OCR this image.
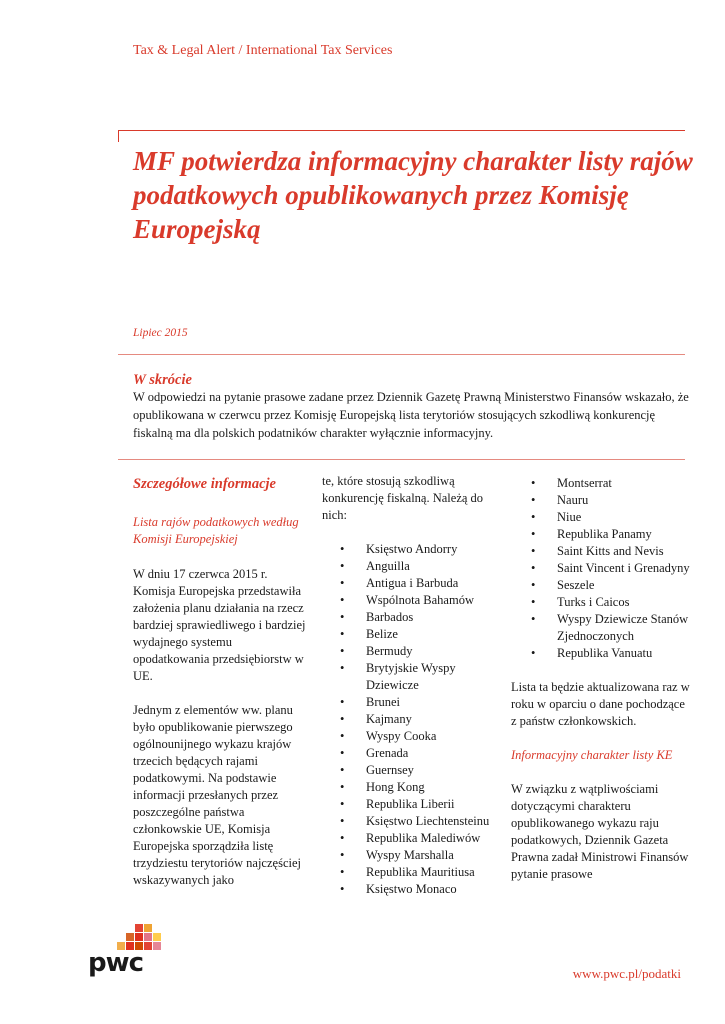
Tax & Legal Alert / International Tax Services
MF potwierdza informacyjny charakter listy rajów podatkowych opublikowanych przez Komisję Europejską
Lipiec 2015
W skrócie
W odpowiedzi na pytanie prasowe zadane przez Dziennik Gazetę Prawną Ministerstwo Finansów wskazało, że opublikowana w czerwcu przez Komisję Europejską lista terytoriów stosujących szkodliwą konkurencję fiskalną ma dla polskich podatników charakter wyłącznie informacyjny.
Szczegółowe informacje
Lista rajów podatkowych według Komisji Europejskiej

W dniu 17 czerwca 2015 r. Komisja Europejska przedstawiła założenia planu działania na rzecz bardziej sprawiedliwego i bardziej wydajnego systemu opodatkowania przedsiębiorstw w UE.

Jednym z elementów ww. planu było opublikowanie pierwszego ogólnounijnego wykazu krajów trzecich będących rajami podatkowymi. Na podstawie informacji przesłanych przez poszczególne państwa członkowskie UE, Komisja Europejska sporządziła listę trzydziestu terytoriów najczęściej wskazywanych jako

te, które stosują szkodliwą konkurencję fiskalną. Należą do nich:

• Księstwo Andorry
• Anguilla
• Antigua i Barbuda
• Wspólnota Bahamów
• Barbados
• Belize
• Bermudy
• Brytyjskie Wyspy Dziewicze
• Brunei
• Kajmany
• Wyspy Cooka
• Grenada
• Guernsey
• Hong Kong
• Republika Liberii
• Księstwo Liechtensteinu
• Republika Malediwów
• Wyspy Marshalla
• Republika Mauritiusa
• Księstwo Monaco
• Montserrat
• Nauru
• Niue
• Republika Panamy
• Saint Kitts and Nevis
• Saint Vincent i Grenadyny
• Seszele
• Turks i Caicos
• Wyspy Dziewicze Stanów Zjednoczonych
• Republika Vanuatu

Lista ta będzie aktualizowana raz w roku w oparciu o dane pochodzące z państw członkowskich.

Informacyjny charakter listy KE

W związku z wątpliwościami dotyczącymi charakteru opublikowanego wykazu raju podatkowych, Dziennik Gazeta Prawna zadał Ministrowi Finansów pytanie prasowe

pwc	www.pwc.pl/podatki
